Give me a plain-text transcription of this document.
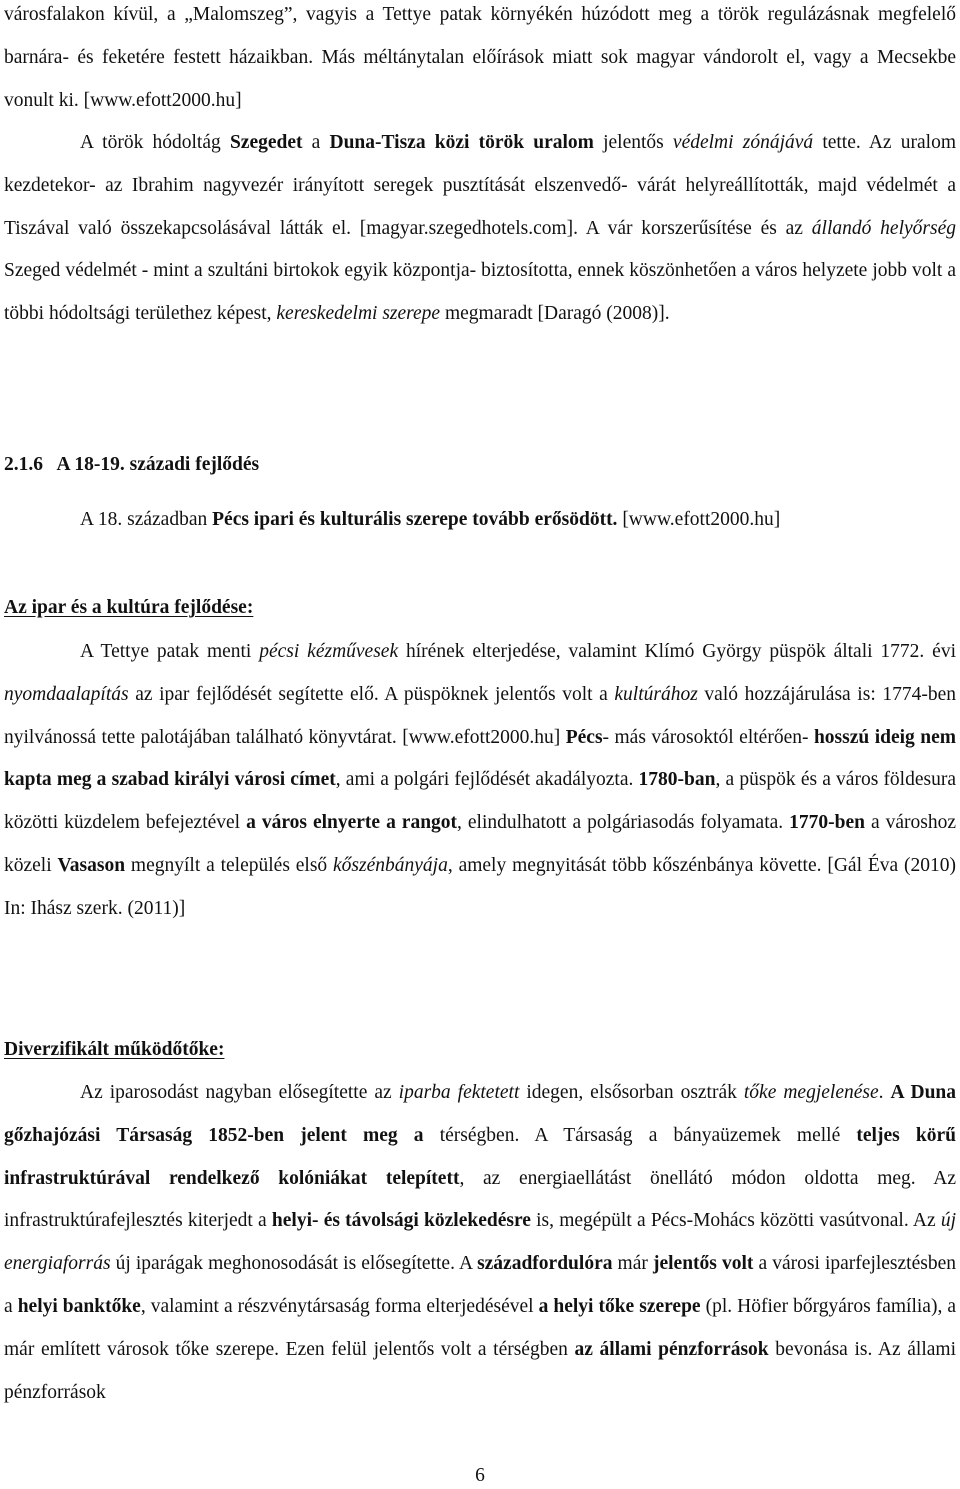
városfalakon kívül, a „Malomszeg”, vagyis a Tettye patak környékén húzódott meg a török regulázásnak megfelelő barnára- és feketére festett házaikban. Más méltánytalan előírások miatt sok magyar vándorolt el, vagy a Mecsekbe vonult ki. [www.efott2000.hu]

A török hódoltág Szegedet a Duna-Tisza közi török uralom jelentős védelmi zónájává tette. Az uralom kezdetekor- az Ibrahim nagyvezér irányított seregek pusztítását elszenvedő- várát helyreállították, majd védelmét a Tiszával való összekapcsolásával látták el. [magyar.szegedhotels.com]. A vár korszerűsítése és az állandó helyőrség Szeged védelmét - mint a szultáni birtokok egyik központja- biztosította, ennek köszönhetően a város helyzete jobb volt a többi hódoltsági területhez képest, kereskedelmi szerepe megmaradt [Daragó (2008)].

2.1.6   A 18-19. századi fejlődés

A 18. században Pécs ipari és kulturális szerepe tovább erősödött. [www.efott2000.hu]

Az ipar és a kultúra fejlődése:

A Tettye patak menti pécsi kézművesek hírének elterjedése, valamint Klímó György püspök általi 1772. évi nyomdaalapítás az ipar fejlődését segítette elő. A püspöknek jelentős volt a kultúrához való hozzájárulása is: 1774-ben nyilvánossá tette palotájában található könyvtárat. [www.efott2000.hu] Pécs- más városoktól eltérően- hosszú ideig nem kapta meg a szabad királyi városi címet, ami a polgári fejlődését akadályozta. 1780-ban, a püspök és a város földesura közötti küzdelem befejeztével a város elnyerte a rangot, elindulhatott a polgáriasodás folyamata. 1770-ben a városhoz közeli Vasason megnyílt a település első kőszénbányája, amely megnyitását több kőszénbánya követte. [Gál Éva (2010) In: Ihász szerk. (2011)]

Diverzifikált működőtőke:

Az iparosodást nagyban elősegítette az iparba fektetett idegen, elsősorban osztrák tőke megjelenése. A Duna gőzhajózási Társaság 1852-ben jelent meg a térségben. A Társaság a bányaüzemek mellé teljes körű infrastruktúrával rendelkező kolóniákat telepített, az energiaellátást önellátó módon oldotta meg. Az infrastruktúrafejlesztés kiterjedt a helyi- és távolsági közlekedésre is, megépült a Pécs-Mohács közötti vasútvonal. Az új energiaforrás új iparágak meghonosodását is elősegítette. A századfordulóra már jelentős volt a városi iparfejlesztésben a helyi banktőke, valamint a részvénytársaság forma elterjedésével a helyi tőke szerepe (pl. Höfier bőrgyáros família), a már említett városok tőke szerepe. Ezen felül jelentős volt a térségben az állami pénzforrások bevonása is. Az állami pénzforrások

6
